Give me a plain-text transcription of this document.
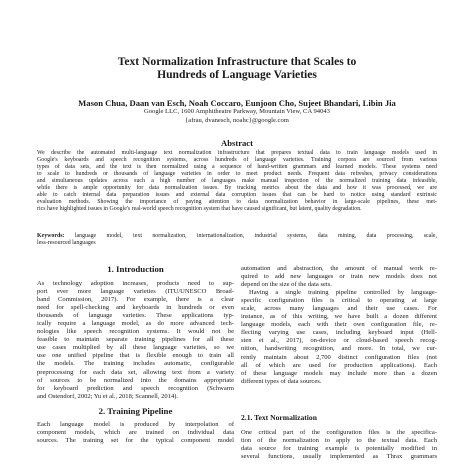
Text Normalization Infrastructure that Scales to
Hundreds of Language Varieties
Mason Chua, Daan van Esch, Noah Coccaro, Eunjoon Cho, Sujeet Bhandari, Libin Jia
Google LLC, 1600 Amphitheatre Parkway, Mountain View, CA 94043
{afrau, dvanesch, noahc}@google.com
Abstract
We describe the automated multi-language text normalization infrastructure that prepares textual data to train language models used in
Google's keyboards and speech recognition systems, across hundreds of language varieties. Training corpora are sourced from various
types of data sets, and the text is then normalized using a sequence of hand-written grammars and learned models. These systems need
to scale to hundreds or thousands of language varieties in order to meet product needs. Frequent data refreshes, privacy considerations
and simultaneous updates across such a high number of languages make manual inspection of the normalized training data infeasible,
while there is ample opportunity for data normalization issues. By tracking metrics about the data and how it was processed, we are
able to catch internal data preparation issues and external data corruption issues that can be hard to notice using standard extrinsic
evaluation methods. Showing the importance of paying attention to data normalization behavior in large-scale pipelines, these met-
rics have highlighted issues in Google's real-world speech recognition system that have caused significant, but latent, quality degradation.
Keywords: language model, text normalization, internationalization, industrial systems, data mining, data processing, scale,
less-resourced languages
1. Introduction
As technology adoption increases, products need to sup-
port ever more language varieties (ITU/UNESCO Broad-
band Commission, 2017). For example, there is a clear
need for spell-checking and keyboards in hundreds or even
thousands of language varieties. These applications typ-
ically require a language model, as do more advanced tech-
nologies like speech recognition systems. It would not be
feasible to maintain separate training pipelines for all these
use cases multiplied by all these language varieties, so we
use one unified pipeline that is flexible enough to train all
the models. The training includes automatic, configurable
preprocessing for each data set, allowing text from a variety
of sources to be normalized into the domains appropriate
for keyboard prediction and speech recognition (Schwarm
and Ostendorf, 2002; Yu et al., 2018; Scannell, 2014).
2. Training Pipeline
Each language model is produced by interpolation of
component models, which are trained on individual data
sources. The training set for the typical component model
automation and abstraction, the amount of manual work re-
quired to add new languages or train new models does not
depend on the size of the data sets.
Having a single training pipeline controlled by language-
specific configuration files is critical to operating at large
scale, across many languages and their use cases. For
instance, as of this writing, we have built a dozen different
language models, each with their own configuration file, re-
flecting varying use cases, including keyboard input (Hell-
sten et al., 2017), on-device or cloud-based speech recog-
nition, handwriting recognition, and more. In total, we cur-
rently maintain about 2,700 distinct configuration files (not
all of which are used for production applications). Each
of these language models may include more than a dozen
different types of data sources.
2.1. Text Normalization
One critical part of the configuration files is the specifica-
tion of the normalization to apply to the textual data. Each
data source for training example is potentially modified in
several functions, usually implemented as Thrax grammars
